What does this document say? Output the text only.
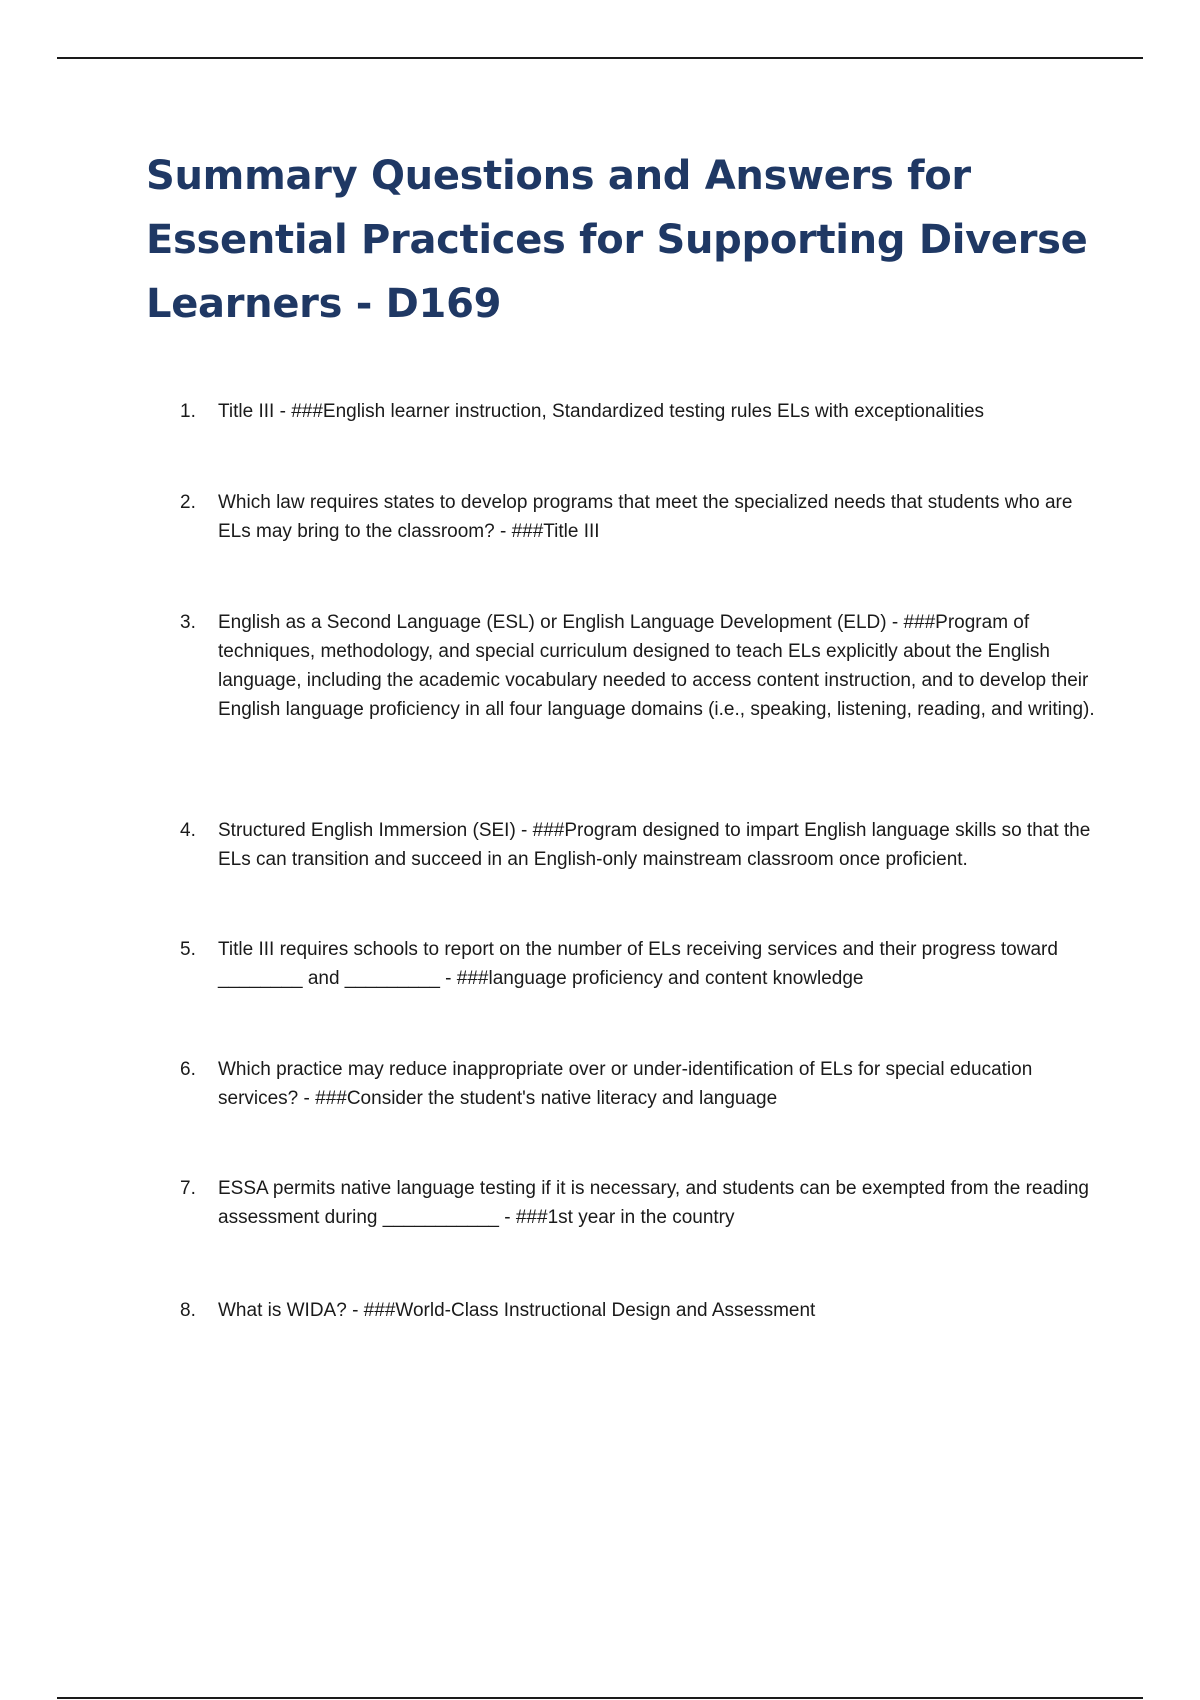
Summary Questions and Answers for Essential Practices for Supporting Diverse Learners - D169
1.	Title III - ###English learner instruction, Standardized testing rules ELs with exceptionalities
2.	Which law requires states to develop programs that meet the specialized needs that students who are ELs may bring to the classroom? - ###Title III
3.	English as a Second Language (ESL) or English Language Development (ELD) - ###Program of techniques, methodology, and special curriculum designed to teach ELs explicitly about the English language, including the academic vocabulary needed to access content instruction, and to develop their English language proficiency in all four language domains (i.e., speaking, listening, reading, and writing).
4.	Structured English Immersion (SEI) - ###Program designed to impart English language skills so that the ELs can transition and succeed in an English-only mainstream classroom once proficient.
5.	Title III requires schools to report on the number of ELs receiving services and their progress toward ________ and _________ - ###language proficiency and content knowledge
6.	Which practice may reduce inappropriate over or under-identification of ELs for special education services? - ###Consider the student's native literacy and language
7.	ESSA permits native language testing if it is necessary, and students can be exempted from the reading assessment during ___________ - ###1st year in the country
8.	What is WIDA? - ###World-Class Instructional Design and Assessment
